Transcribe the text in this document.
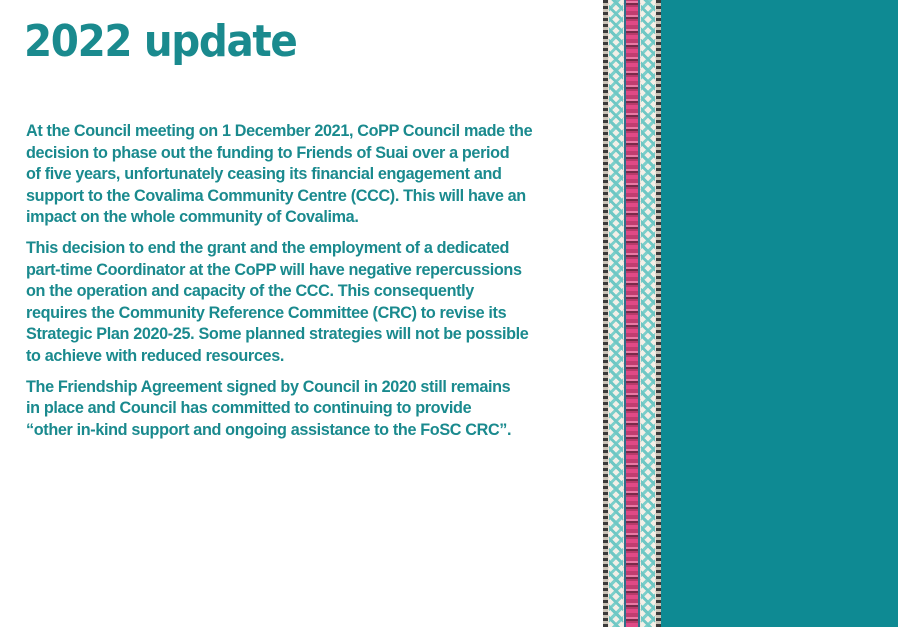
2022 update

At the Council meeting on 1 December 2021, CoPP Council made the
decision to phase out the funding to Friends of Suai over a period
of five years, unfortunately ceasing its financial engagement and
support to the Covalima Community Centre (CCC). This will have an
impact on the whole community of Covalima.

This decision to end the grant and the employment of a dedicated
part-time Coordinator at the CoPP will have negative repercussions
on the operation and capacity of the CCC. This consequently
requires the Community Reference Committee (CRC) to revise its
Strategic Plan 2020-25. Some planned strategies will not be possible
to achieve with reduced resources.

The Friendship Agreement signed by Council in 2020 still remains
in place and Council has committed to continuing to provide
“other in-kind support and ongoing assistance to the FoSC CRC”.
